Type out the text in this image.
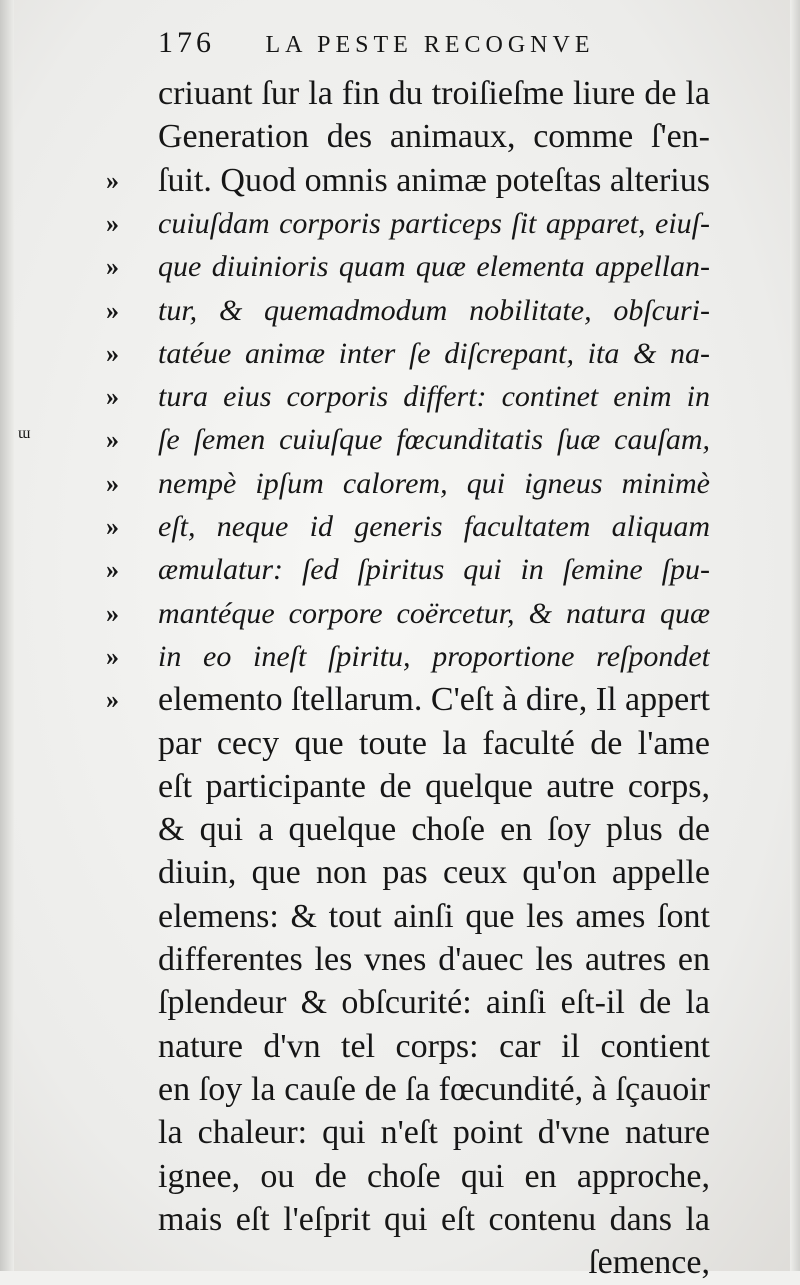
176 LA PESTE RECOGNVE
ɯ
criuant ſur la fin du troiſieſme liure de la
Generation des animaux, comme ſ'en-
»	ſuit. Quod omnis animæ poteſtas alterius
»	cuiuſdam corporis particeps ſit apparet, eiuſ-
»	que diuinioris quam quæ elementa appellan-
»	tur, & quemadmodum nobilitate, obſcuri-
»	tatéue animæ inter ſe diſcrepant, ita & na-
»	tura eius corporis differt: continet enim in
»	ſe ſemen cuiuſque fœcunditatis ſuæ cauſam,
»	nempè ipſum calorem, qui igneus minimè
»	eſt, neque id generis facultatem aliquam
»	æmulatur: ſed ſpiritus qui in ſemine ſpu-
»	mantéque corpore coërcetur, & natura quæ
»	in eo ineſt ſpiritu, proportione reſpondet
»	elemento ſtellarum. C'eſt à dire, Il appert
par cecy que toute la faculté de l'ame
eſt participante de quelque autre corps,
& qui a quelque choſe en ſoy plus de
diuin, que non pas ceux qu'on appelle
elemens: & tout ainſi que les ames ſont
differentes les vnes d'auec les autres en
ſplendeur & obſcurité: ainſi eſt-il de la
nature d'vn tel corps: car il contient
en ſoy la cauſe de ſa fœcundité, à ſçauoir
la chaleur: qui n'eſt point d'vne nature
ignee, ou de choſe qui en approche,
mais eſt l'eſprit qui eſt contenu dans la
ſemence,
